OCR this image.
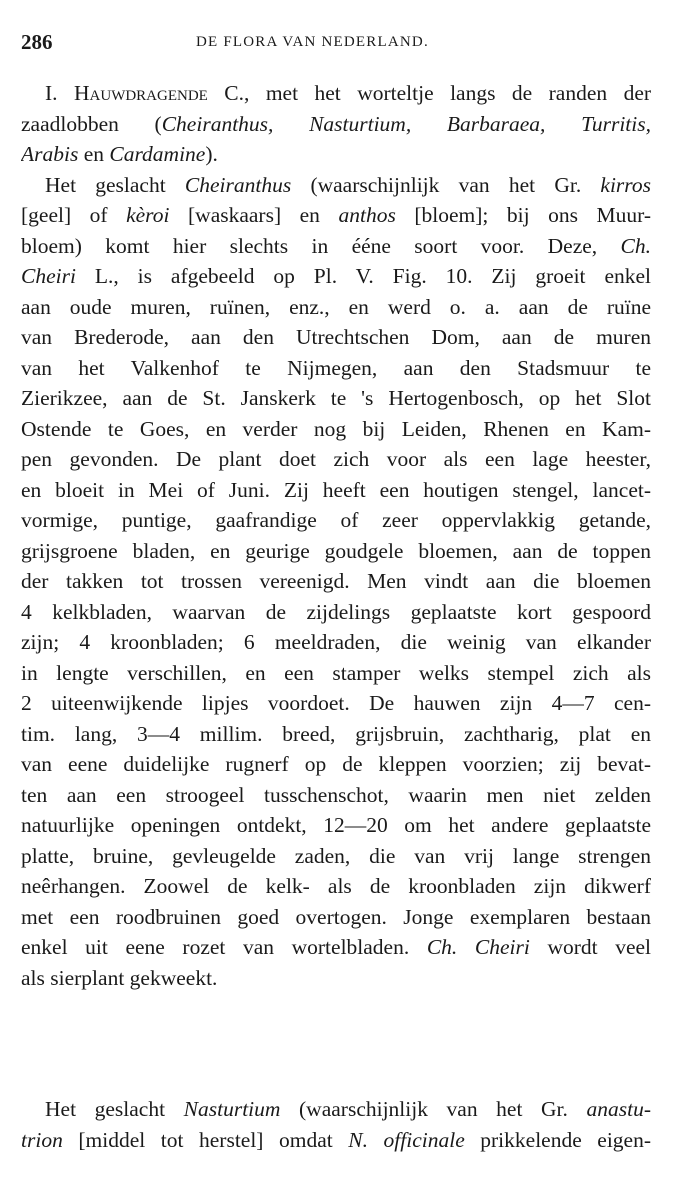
286	DE FLORA VAN NEDERLAND.
I. Hauwdragende C., met het worteltje langs de randen der
zaadlobben (Cheiranthus, Nasturtium, Barbaraea, Turritis,
Arabis en Cardamine).
Het geslacht Cheiranthus (waarschijnlijk van het Gr. kirros
[geel] of kèroi [waskaars] en anthos [bloem]; bij ons Muur-
bloem) komt hier slechts in ééne soort voor. Deze, Ch.
Cheiri L., is afgebeeld op Pl. V. Fig. 10. Zij groeit enkel
aan oude muren, ruïnen, enz., en werd o. a. aan de ruïne
van Brederode, aan den Utrechtschen Dom, aan de muren
van het Valkenhof te Nijmegen, aan den Stadsmuur te
Zierikzee, aan de St. Janskerk te 's Hertogenbosch, op het Slot
Ostende te Goes, en verder nog bij Leiden, Rhenen en Kam-
pen gevonden. De plant doet zich voor als een lage heester,
en bloeit in Mei of Juni. Zij heeft een houtigen stengel, lancet-
vormige, puntige, gaafrandige of zeer oppervlakkig getande,
grijsgroene bladen, en geurige goudgele bloemen, aan de toppen
der takken tot trossen vereenigd. Men vindt aan die bloemen
4 kelkbladen, waarvan de zijdelings geplaatste kort gespoord
zijn; 4 kroonbladen; 6 meeldraden, die weinig van elkander
in lengte verschillen, en een stamper welks stempel zich als
2 uiteenwijkende lipjes voordoet. De hauwen zijn 4—7 cen-
tim. lang, 3—4 millim. breed, grijsbruin, zachtharig, plat en
van eene duidelijke rugnerf op de kleppen voorzien; zij bevat-
ten aan een stroogeel tusschenschot, waarin men niet zelden
natuurlijke openingen ontdekt, 12—20 om het andere geplaatste
platte, bruine, gevleugelde zaden, die van vrij lange strengen
neêrhangen. Zoowel de kelk- als de kroonbladen zijn dikwerf
met een roodbruinen goed overtogen. Jonge exemplaren bestaan
enkel uit eene rozet van wortelbladen. Ch. Cheiri wordt veel
als sierplant gekweekt.
Het geslacht Nasturtium (waarschijnlijk van het Gr. anastu-
trion [middel tot herstel] omdat N. officinale prikkelende eigen-
